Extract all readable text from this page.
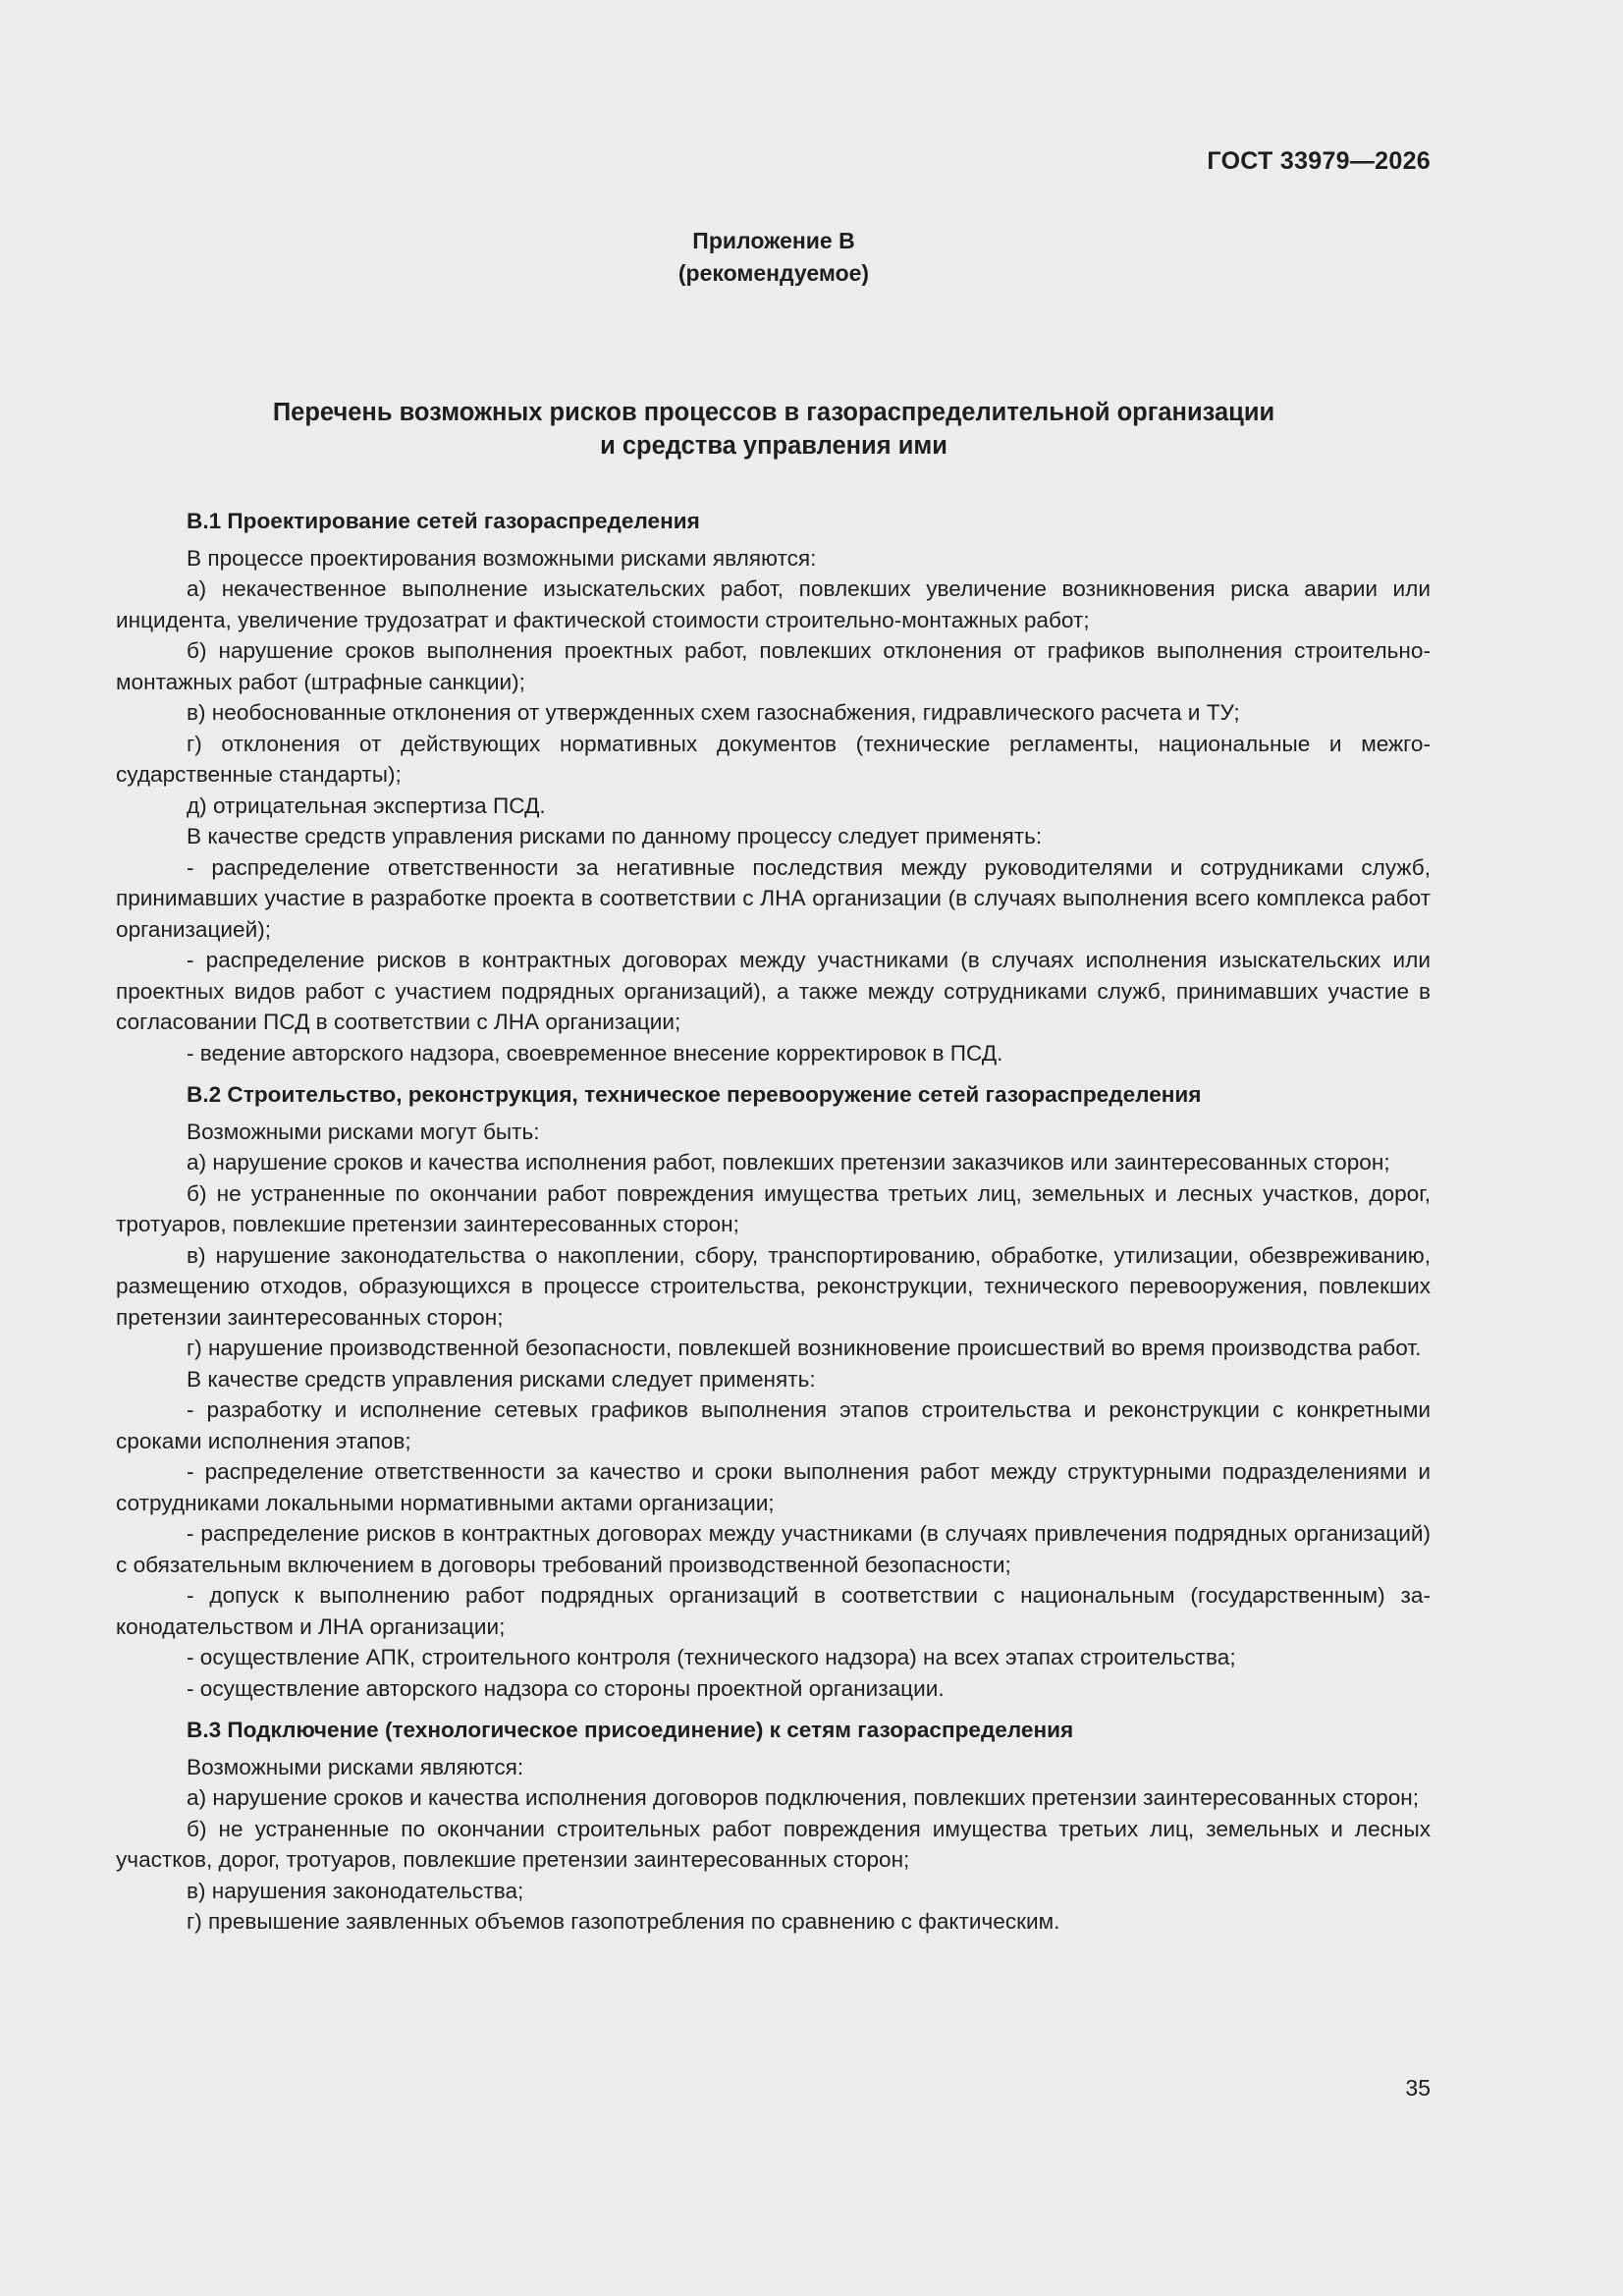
ГОСТ 33979—2026
Приложение В
(рекомендуемое)
Перечень возможных рисков процессов в газораспределительной организации
и средства управления ими
В.1 Проектирование сетей газораспределения
В процессе проектирования возможными рисками являются:
а) некачественное выполнение изыскательских работ, повлекших увеличение возникновения риска аварии или инцидента, увеличение трудозатрат и фактической стоимости строительно-монтажных работ;
б) нарушение сроков выполнения проектных работ, повлекших отклонения от графиков выполнения строительно-монтажных работ (штрафные санкции);
в) необоснованные отклонения от утвержденных схем газоснабжения, гидравлического расчета и ТУ;
г) отклонения от действующих нормативных документов (технические регламенты, национальные и межгосударственные стандарты);
д) отрицательная экспертиза ПСД.
В качестве средств управления рисками по данному процессу следует применять:
- распределение ответственности за негативные последствия между руководителями и сотрудниками служб, принимавших участие в разработке проекта в соответствии с ЛНА организации (в случаях выполнения всего комплекса работ организацией);
- распределение рисков в контрактных договорах между участниками (в случаях исполнения изыскательских или проектных видов работ с участием подрядных организаций), а также между сотрудниками служб, принимавших участие в согласовании ПСД в соответствии с ЛНА организации;
- ведение авторского надзора, своевременное внесение корректировок в ПСД.
В.2 Строительство, реконструкция, техническое перевооружение сетей газораспределения
Возможными рисками могут быть:
а) нарушение сроков и качества исполнения работ, повлекших претензии заказчиков или заинтересованных сторон;
б) не устраненные по окончании работ повреждения имущества третьих лиц, земельных и лесных участков, дорог, тротуаров, повлекшие претензии заинтересованных сторон;
в) нарушение законодательства о накоплении, сбору, транспортированию, обработке, утилизации, обезвреживанию, размещению отходов, образующихся в процессе строительства, реконструкции, технического перевооружения, повлекших претензии заинтересованных сторон;
г) нарушение производственной безопасности, повлекшей возникновение происшествий во время производства работ.
В качестве средств управления рисками следует применять:
- разработку и исполнение сетевых графиков выполнения этапов строительства и реконструкции с конкретными сроками исполнения этапов;
- распределение ответственности за качество и сроки выполнения работ между структурными подразделениями и сотрудниками локальными нормативными актами организации;
- распределение рисков в контрактных договорах между участниками (в случаях привлечения подрядных организаций) с обязательным включением в договоры требований производственной безопасности;
- допуск к выполнению работ подрядных организаций в соответствии с национальным (государственным) законодательством и ЛНА организации;
- осуществление АПК, строительного контроля (технического надзора) на всех этапах строительства;
- осуществление авторского надзора со стороны проектной организации.
В.3 Подключение (технологическое присоединение) к сетям газораспределения
Возможными рисками являются:
а) нарушение сроков и качества исполнения договоров подключения, повлекших претензии заинтересованных сторон;
б) не устраненные по окончании строительных работ повреждения имущества третьих лиц, земельных и лесных участков, дорог, тротуаров, повлекшие претензии заинтересованных сторон;
в) нарушения законодательства;
г) превышение заявленных объемов газопотребления по сравнению с фактическим.
35
